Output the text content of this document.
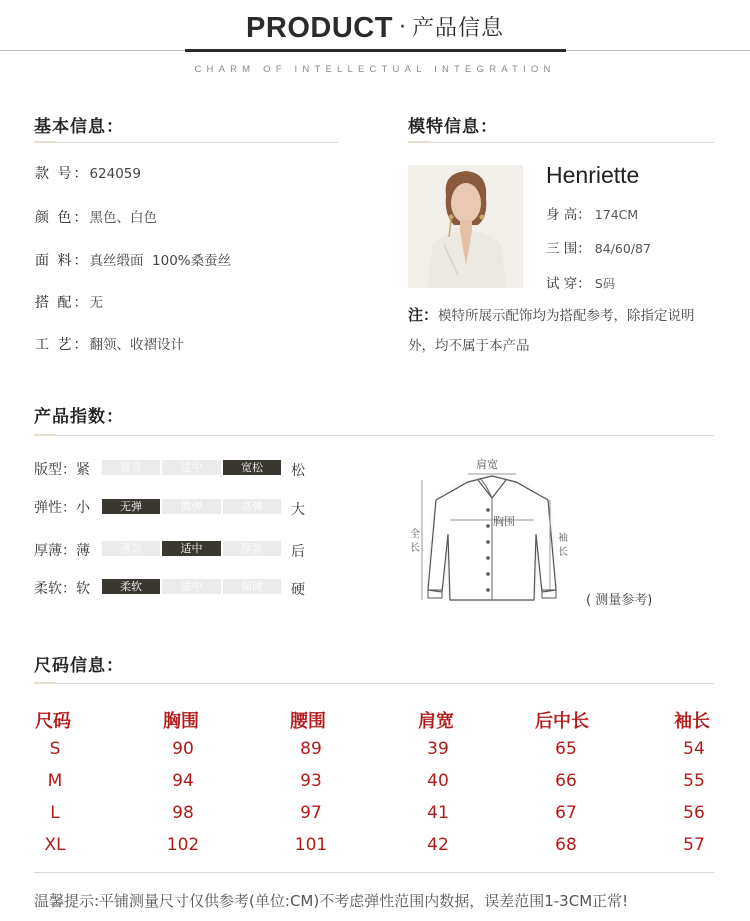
PRODUCT · 产品信息
CHARM OF INTELLECTUAL INTEGRATION
基本信息：
款 号：624059
颜 色：黑色、白色
面 料：真丝缎面  100%桑蚕丝
搭 配：无
工 艺：翻领、收褶设计
模特信息：
Henriette
身 高： 174CM
三 围： 84/60/87
试 穿： S码
注：模特所展示配饰均为搭配参考，除指定说明外，均不属于本产品
产品指数：
版型：紧	修身	适中	宽松	松
弹性：小	无弹	微弹	高弹	大
厚薄：薄	薄款	适中	厚款	后
柔软：软	柔软	适中	偏硬	硬
肩宽
胸围
全长
袖长
( 测量参考)
尺码信息：
尺码	胸围	腰围	肩宽	后中长	袖长
S	90	89	39	65	54
M	94	93	40	66	55
L	98	97	41	67	56
XL	102	101	42	68	57
温馨提示:平铺测量尺寸仅供参考(单位:CM)不考虑弹性范围内数据，误差范围1-3CM正常!
